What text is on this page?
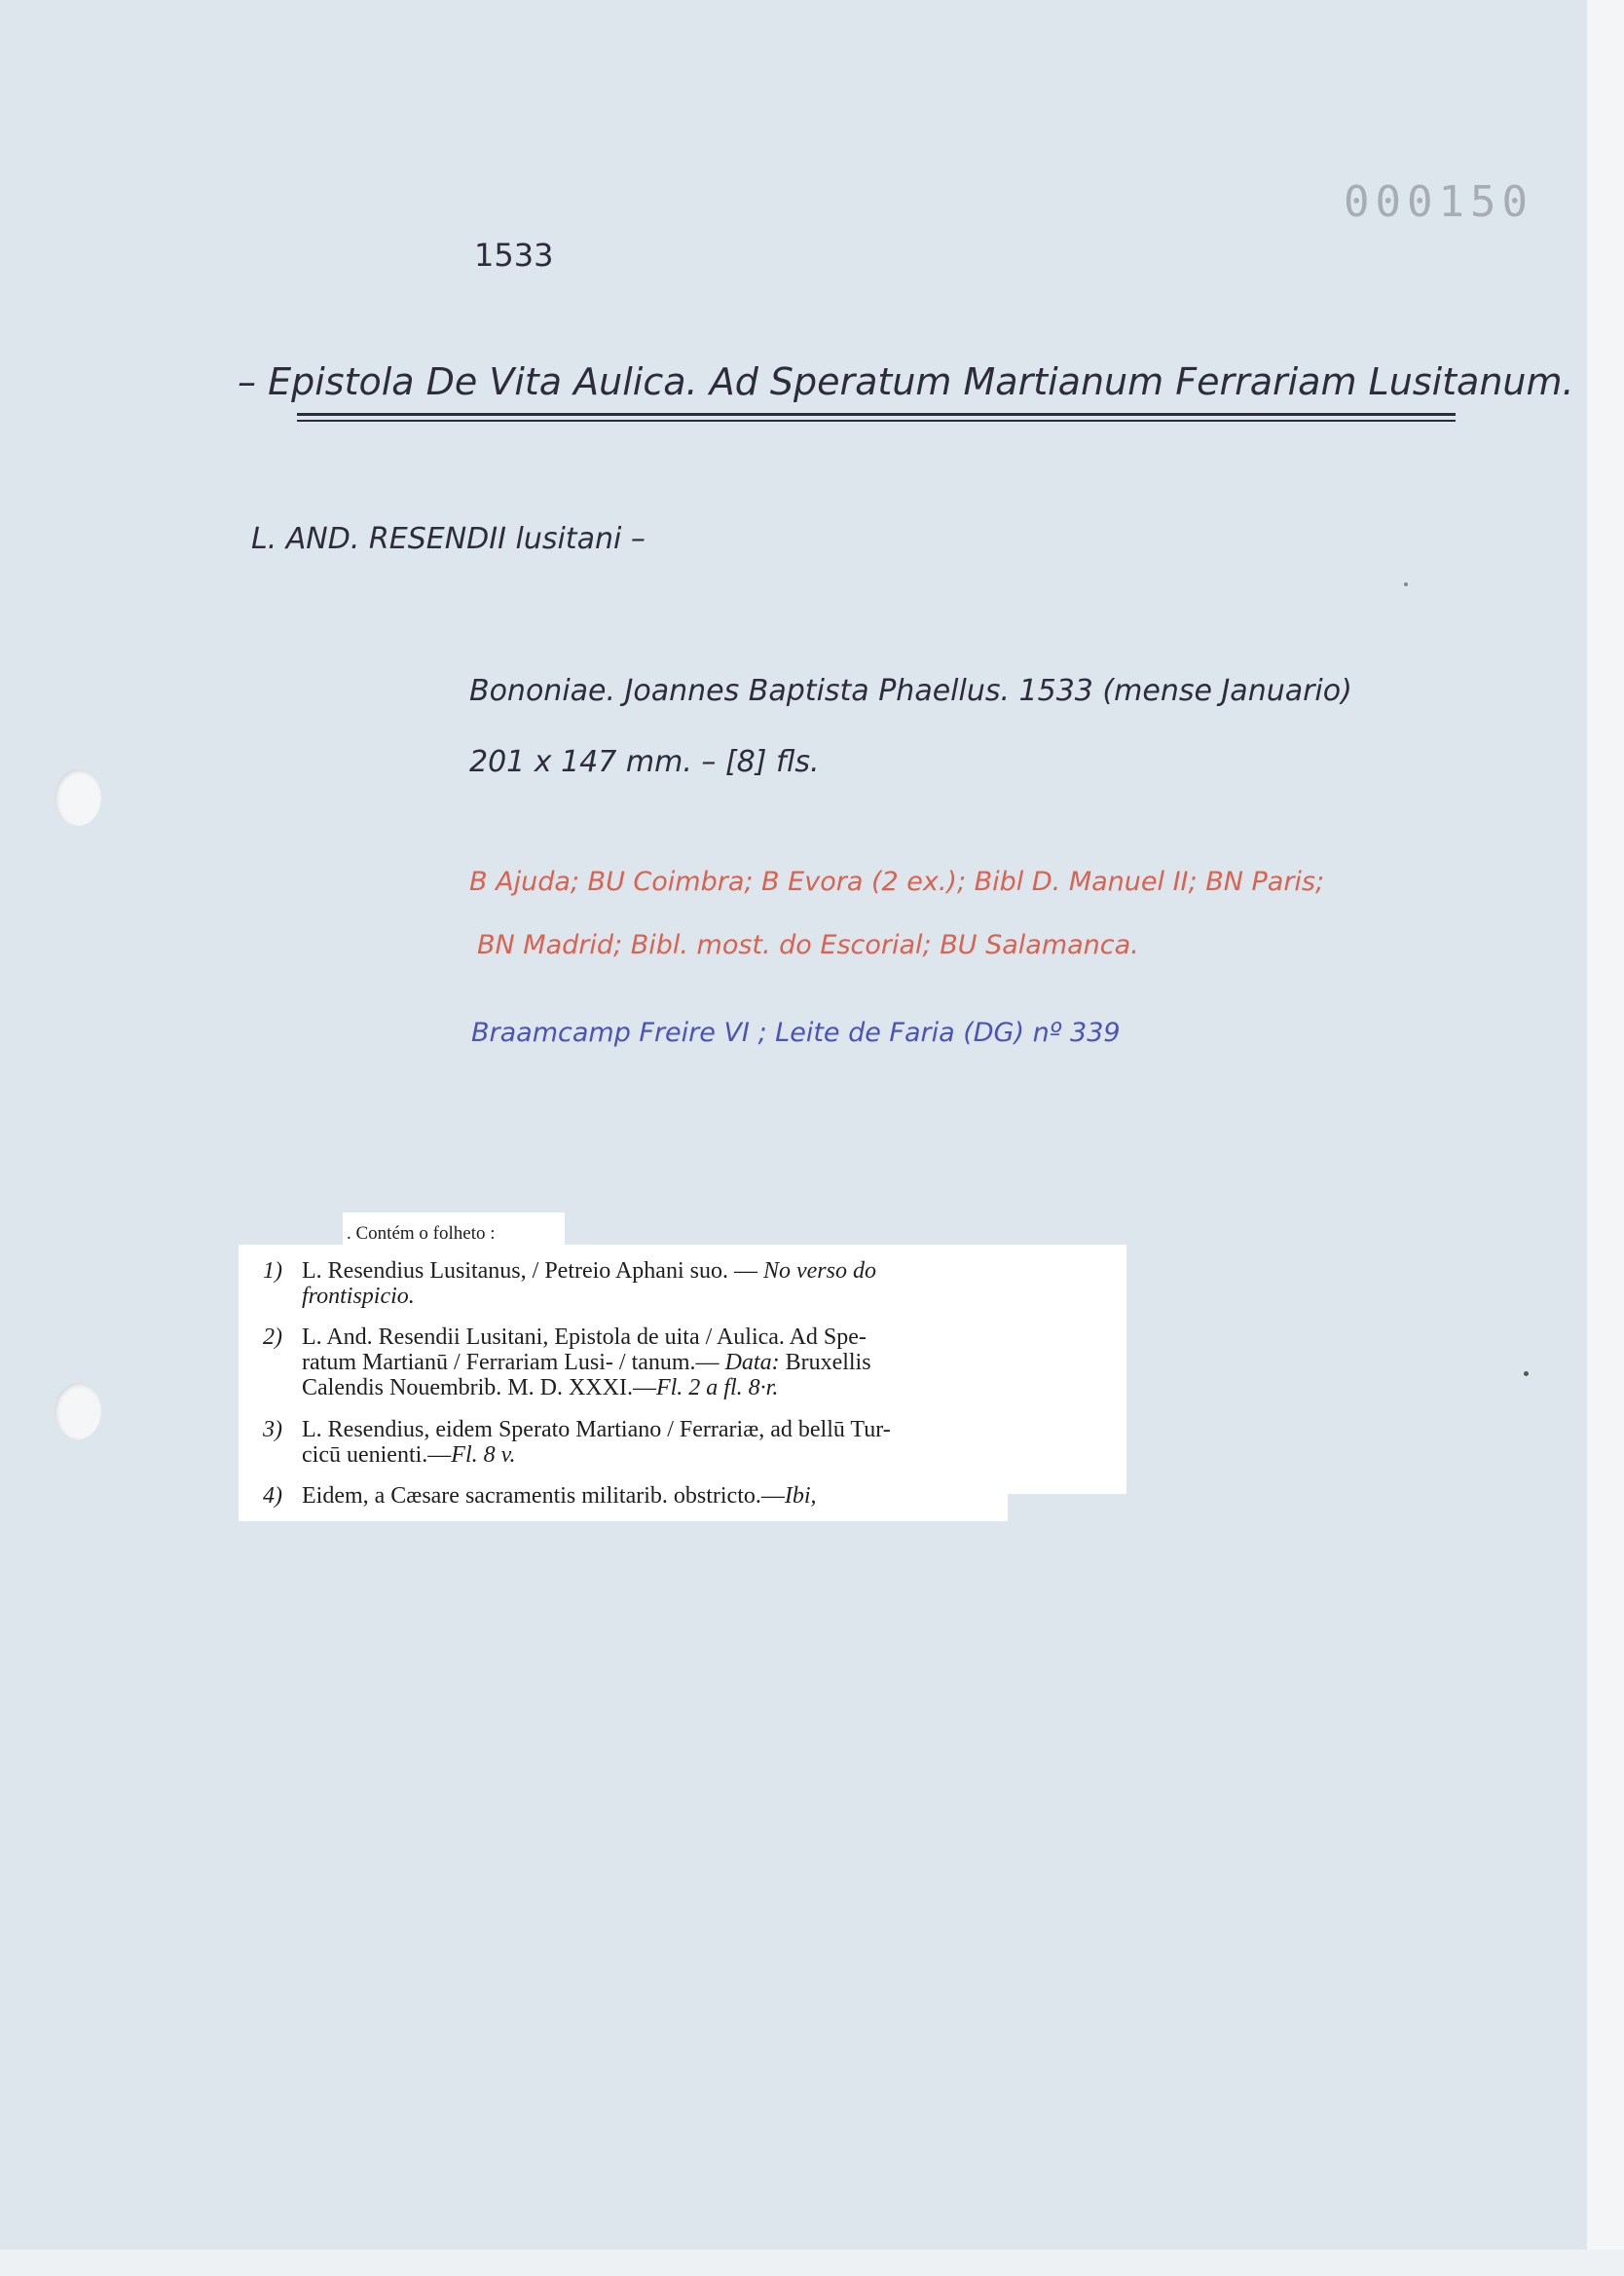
000150
1533
– Epistola De Vita Aulica. Ad Speratum Martianum Ferrariam Lusitanum.
L. AND. RESENDII lusitani –
Bononiae. Joannes Baptista Phaellus. 1533 (mense Januario)
201 x 147 mm. – [8] fls.
B Ajuda; BU Coimbra; B Evora (2 ex.); Bibl D. Manuel II; BN Paris;
BN Madrid; Bibl. most. do Escorial; BU Salamanca.
Braamcamp Freire VI ; Leite de Faria (DG) nº 339
. Contém o folheto :
1) L. Resendius Lusitanus, / Petreio Aphani suo. — No verso do
frontispicio.
2) L. And. Resendii Lusitani, Epistola de uita / Aulica. Ad Spe-
ratum Martianū / Ferrariam Lusi- / tanum.— Data: Bruxellis
Calendis Nouembrib. M. D. XXXI.—Fl. 2 a fl. 8·r.
3) L. Resendius, eidem Sperato Martiano / Ferrariæ, ad bellū Tur-
cicū uenienti.—Fl. 8 v.
4) Eidem, a Cæsare sacramentis militarib. obstricto.—Ibi,
